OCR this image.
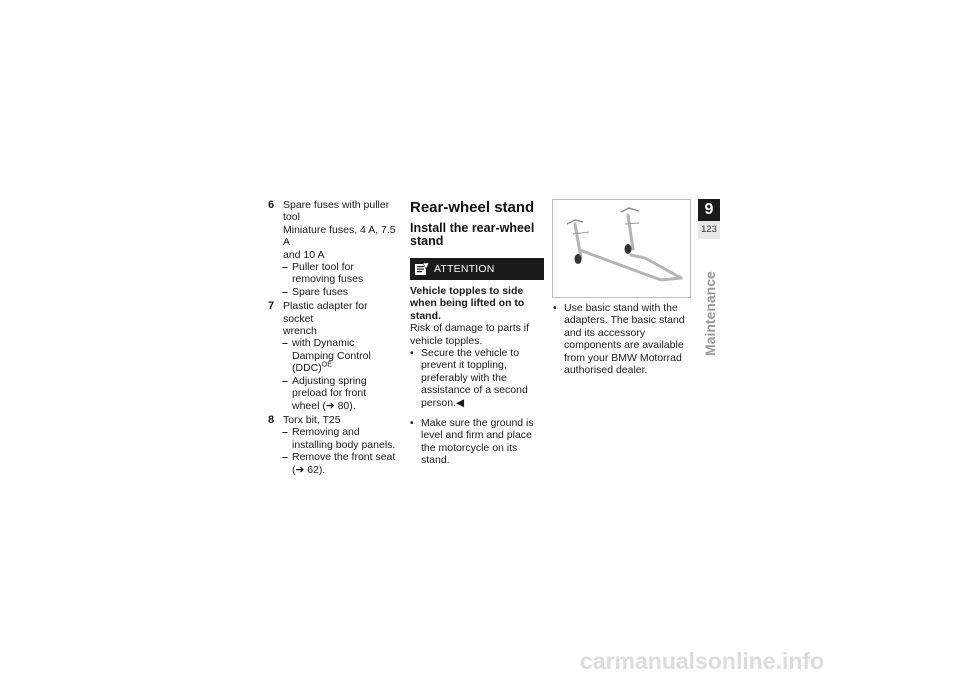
6 Spare fuses with puller tool
Miniature fuses, 4 A, 7.5 A
and 10 A
– Puller tool for removing fuses
– Spare fuses
7 Plastic adapter for socket
wrench
– with Dynamic Damping Control (DDC)$^{OE}$
– Adjusting spring preload for front wheel (➔ 80).
8 Torx bit, T25
– Removing and installing body panels.
– Remove the front seat (➔ 62).
Rear-wheel stand
Install the rear-wheel stand
ATTENTION
Vehicle topples to side when being lifted on to stand.
Risk of damage to parts if vehicle topples.
• Secure the vehicle to prevent it toppling, preferably with the assistance of a second person.◀
• Make sure the ground is level and firm and place the motorcycle on its stand.
• Use basic stand with the adapters. The basic stand and its accessory components are available from your BMW Motorrad authorised dealer.
9
123
Maintenance
carmanualsonline.info
